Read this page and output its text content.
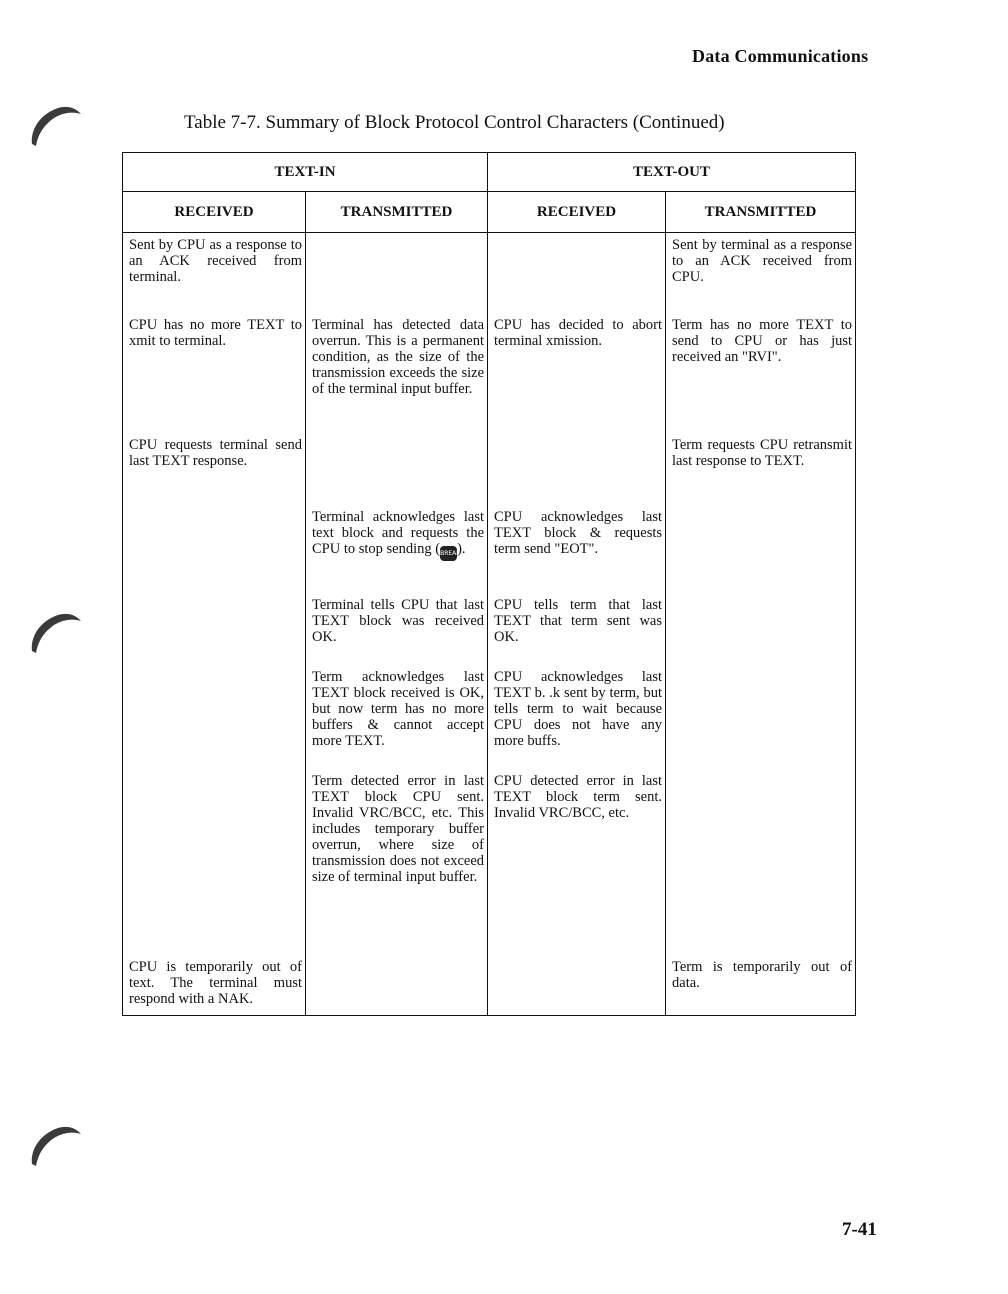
Data Communications
Table 7-7. Summary of Block Protocol Control Characters (Continued)
TEXT-IN		TEXT-OUT	
RECEIVED	TRANSMITTED	RECEIVED	TRANSMITTED

Sent by CPU as a response to an ACK received from terminal.			Sent by terminal as a response to an ACK received from CPU.

CPU has no more TEXT to xmit to terminal.	Terminal has detected data overrun. This is a permanent condition, as the size of the transmission exceeds the size of the terminal input buffer.	CPU has decided to abort terminal xmission.	Term has no more TEXT to send to CPU or has just received an "RVI".

CPU requests terminal send last TEXT response.			Term requests CPU retransmit last response to TEXT.

	Terminal acknowledges last text block and requests the CPU to stop sending (BREAK).	CPU acknowledges last TEXT block & requests term send "EOT".	

	Terminal tells CPU that last TEXT block was received OK.	CPU tells term that last TEXT that term sent was OK.	

	Term acknowledges last TEXT block received is OK, but now term has no more buffers & cannot accept more TEXT.	CPU acknowledges last TEXT b. .k sent by term, but tells term to wait because CPU does not have any more buffs.	

	Term detected error in last TEXT block CPU sent. Invalid VRC/BCC, etc. This includes temporary buffer overrun, where size of transmission does not exceed size of terminal input buffer.	CPU detected error in last TEXT block term sent. Invalid VRC/BCC, etc.	

CPU is temporarily out of text. The terminal must respond with a NAK.			Term is temporarily out of data.
7-41
